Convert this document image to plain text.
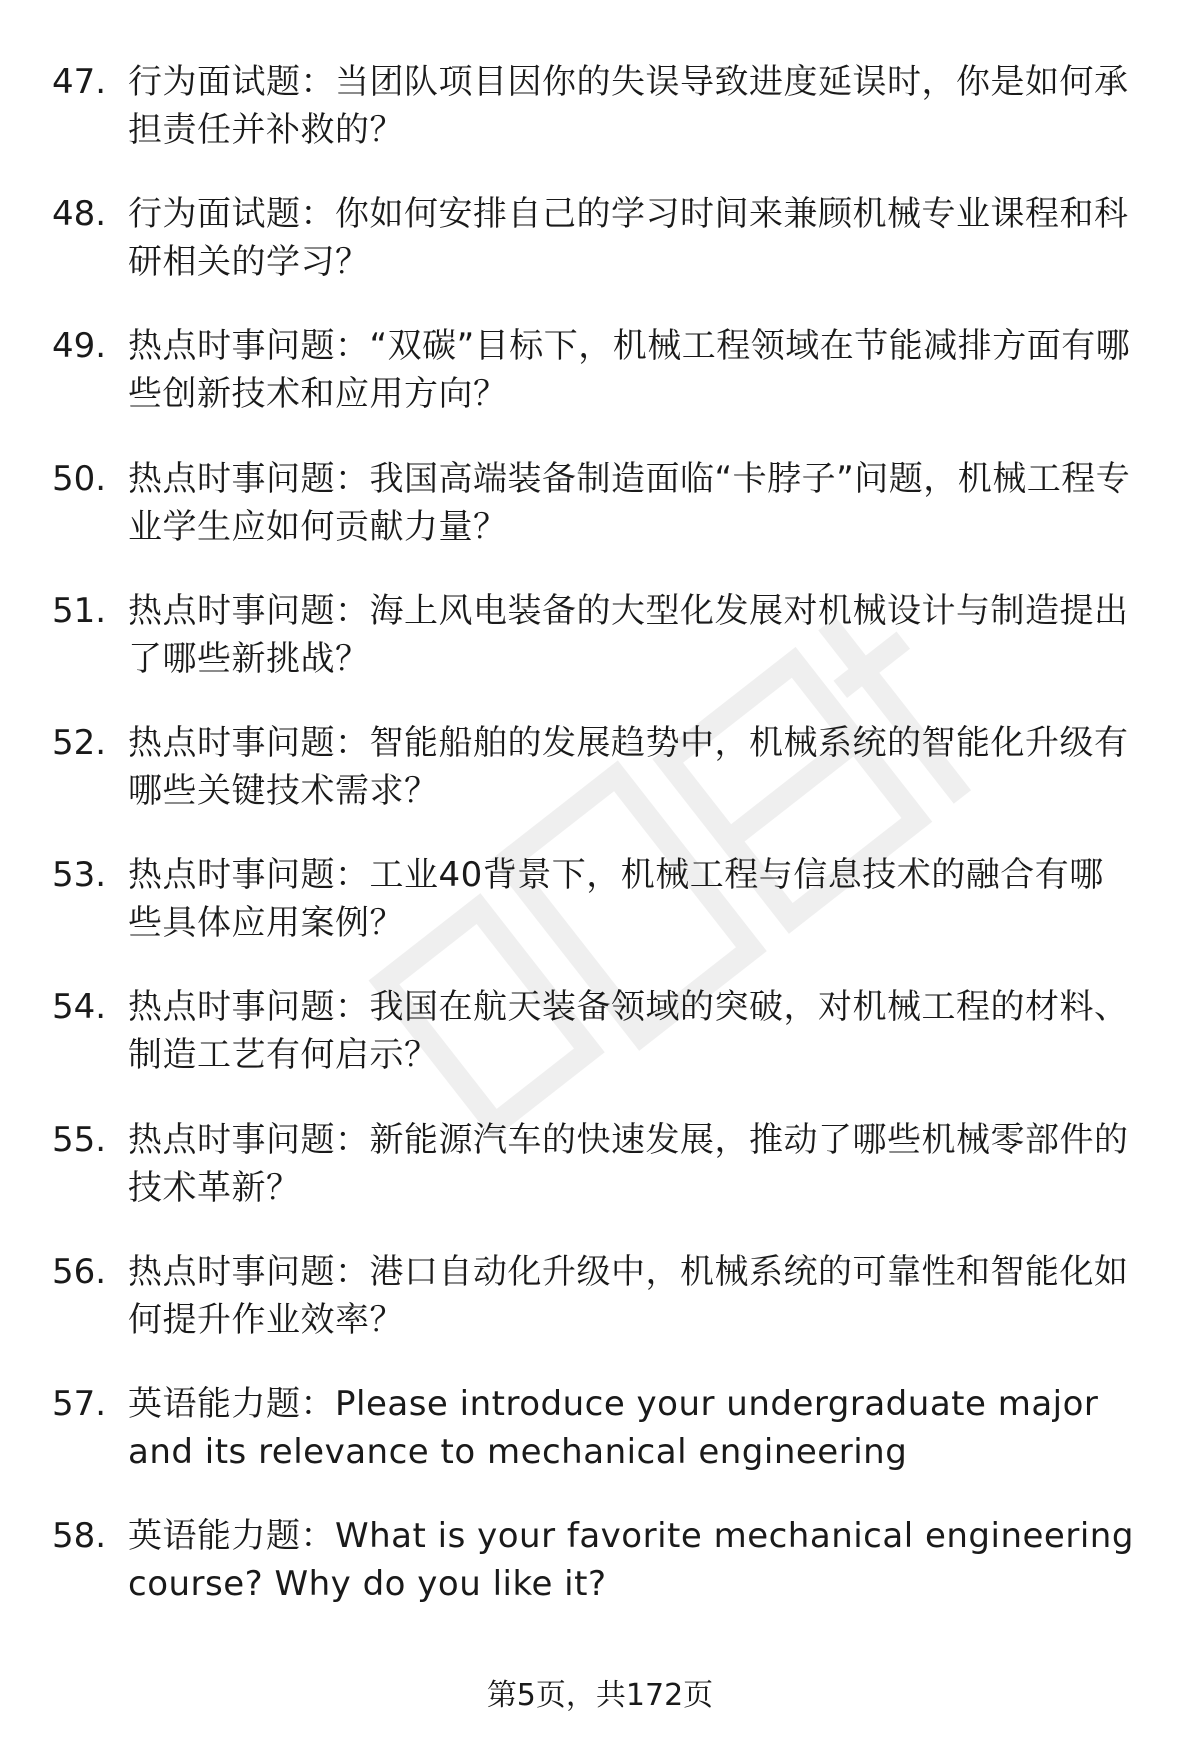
47. 行为面试题：当团队项目因你的失误导致进度延误时，你是如何承担责任并补救的？
48. 行为面试题：你如何安排自己的学习时间来兼顾机械专业课程和科研相关的学习？
49. 热点时事问题：“双碳”目标下，机械工程领域在节能减排方面有哪些创新技术和应用方向？
50. 热点时事问题：我国高端装备制造面临“卡脖子”问题，机械工程专业学生应如何贡献力量？
51. 热点时事问题：海上风电装备的大型化发展对机械设计与制造提出了哪些新挑战？
52. 热点时事问题：智能船舶的发展趋势中，机械系统的智能化升级有哪些关键技术需求？
53. 热点时事问题：工业40背景下，机械工程与信息技术的融合有哪些具体应用案例？
54. 热点时事问题：我国在航天装备领域的突破，对机械工程的材料、制造工艺有何启示？
55. 热点时事问题：新能源汽车的快速发展，推动了哪些机械零部件的技术革新？
56. 热点时事问题：港口自动化升级中，机械系统的可靠性和智能化如何提升作业效率？
57. 英语能力题：Please introduce your undergraduate major and its relevance to mechanical engineering
58. 英语能力题：What is your favorite mechanical engineering course? Why do you like it?
第5页，共172页
